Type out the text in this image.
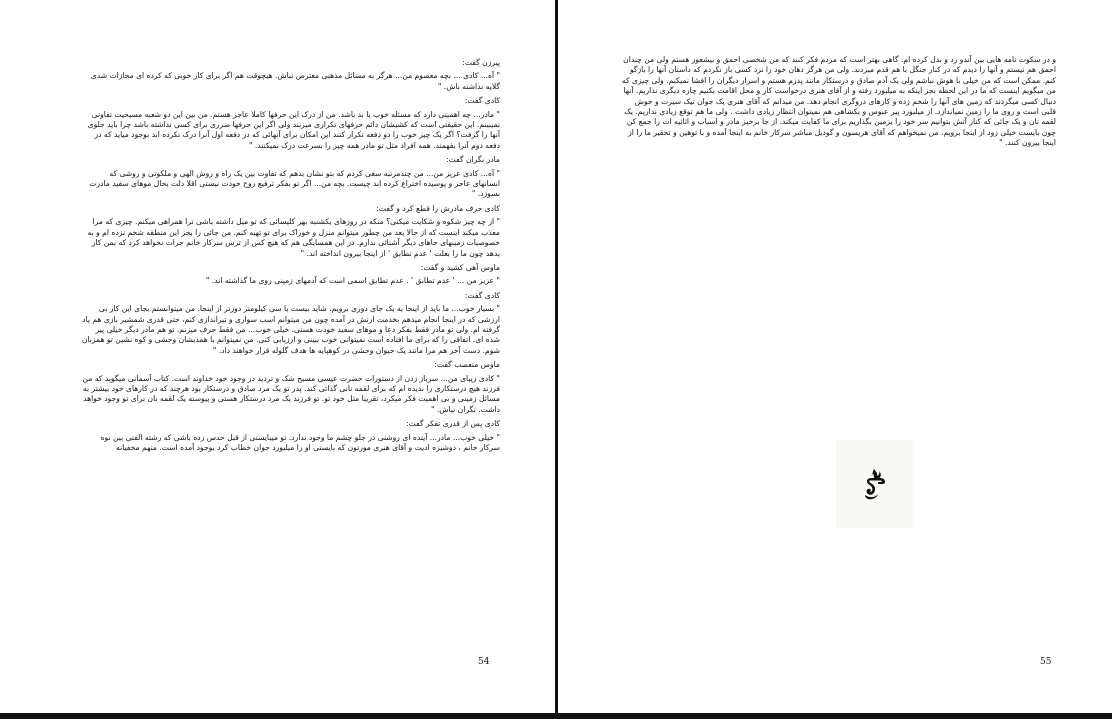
پیرزن گفت:

" آه... کادی ... بچه معصوم من... هرگز به مسائل مذهبی معترض نباش. هیچوقت هم اگر برای کار خوبی که کرده ای مجازات شدی گلایه نداشته باش. "

کادی گفت:

" مادر... چه اهمیتی دارد که مسئله خوب یا بد باشد. من از درک این حرفها کاملا عاجز هستم. من بین این دو شعبه مسیحیت تفاوتی نمیبینم. این حقیقتی است که کشیشان دائم حرفهای تکراری میزنند ولی اگر این حرفها ضرری برای کسی نداشته باشد چرا باید جلوی آنها را گرفت؟ اگر یک چیز خوب را دو دفعه تکرار کنند این امکان برای آنهائی که در دفعه اول آنرا درک نکرده اند بوجود میاید که در دفعه دوم آنرا بفهمند. همه افراد مثل تو مادر همه چیز را بسرعت درک نمیکنند. "

مادر نگران گفت:

" آه... کادی عزیز من... من چندمرتبه سعی کردم که بتو نشان بدهم که تفاوت بین یک راه و روش الهی و ملکوتی و روشی که انسانهای عاجز و پوسیده اختراع کرده اند چیست. بچه من... اگر تو بفکر ترفیع روح خودت نیستی اقلا دلت بحال موهای سفید مادرت بسوزد. "

کادی حرف مادرش را قطع کرد و گفت:

" از چه چیز شکوه و شکایت میکنی؟ منکه در روزهای یکشنبه بهر کلیسائی که تو میل داشته باشی ترا همراهی میکنم. چیزی که مرا معذب میکند اینست که از حالا بعد من چطور میتوانم منزل و خوراک برای تو تهیه کنم. من جائی را بجز این منطقه شخم نزده ام و به خصوصیات زمینهای جاهای دیگر آشنائی ندارم. در این همسایگی هم که هیچ کس از ترس سرکار خانم جرات نخواهد کرد که بمن کار بدهد چون ما را بعلت ' عدم تطابق ' از اینجا بیرون انداخته اند. "

ماوس آهی کشید و گفت:

" عزیز من ... ' عدم تطابق ' . عدم تطابق اسمی است که آدمهای زمینی روی ما گذاشته اند. "

کادی گفت:

" بسیار خوب... ما باید از اینجا به یک جای دوری برویم. شاید بیست یا سی کیلومتر دورتر از اینجا. من میتوانستم بجای این کار بی ارزشی که در اینجا انجام میدهم بخدمت ارتش در آمده چون من میتوانم اسب سواری و تیراندازی کنم، حتی قدری شمشیر بازی هم یاد گرفته ام. ولی تو مادر فقط بفکر دعا و موهای سفید خودت هستی. خیلی خوب... من فقط حرف میزنم. تو هم مادر دیگر خیلی پیر شده ای. اتفاقی را که برای ما افتاده است نمیتوانی خوب ببینی و ارزیابی کنی. من نمیتوانم با همدیشان وحشی و کوه نشین تو همزبان شوم. دست آخر هم مرا مانند یک حیوان وحشی در کوهپایه ها هدف گلوله قرار خواهند داد. "

ماوس متعصب گفت:

" کادی زیبای من... سرباز زدن از دستورات حضرت عیسی مسیح شک و تردید در وجود خود خداوند است. کتاب آسمانی میگوید که من فرزند هیچ درستکاری را ندیده ام که برای لقمه نانی گدائی کند. پدر تو یک مرد صادق و درستکار بود هرچند که در کارهای خود بیشتر به مسائل زمینی و بی اهمیت فکر میکرد، تقریبا مثل خود تو. تو فرزند یک مرد درستکار هستی و پیوسته یک لقمه نان برای تو وجود خواهد داشت. نگران نباش. "

کادی پس از قدری تفکر گفت:

" خیلی خوب... مادر... آینده ای روشنی در جلو چشم ما وجود ندارد. تو میبایستی از قبل حدس زده باشی که رشته الفتی بین نوه سرکار خانم ، دوشیزه ادیت و آقای هنری مورتون که بایستی او را میلبورد جوان خطاب کرد بوجود آمده است. منهم مخفیانه

54

و در سکوت نامه هایی بین آندو رد و بدل کرده ام. گاهی بهتر است که مردم فکر کنند که من شخصی احمق و بیشعور هستم ولی من چندان احمق هم نیستم و آنها را دیدم که در کنار جنگل با هم قدم میزدند. ولی من هرگز دهان خود را نزد کسی باز نکردم که داستان آنها را بازگو کنم. ممکن است که من خیلی با هوش نباشم ولی یک آدم صادق و درستکار مانند پدرم هستم و اسرار دیگران را افشا نمیکنم. ولی چیزی که من میگویم اینست که ما در این لحظه بجز اینکه به میلبورد رفته و از آقای هنری درخواست کار و محل اقامت بکنیم چاره دیگری نداریم. آنها دنبال کسی میگردند که زمین های آنها را شخم زده و کارهای دروگری انجام دهد. من میدانم که آقای هنری یک جوان نیک سیرت و خوش قلبی است و روی ما را زمین نمیاندازد. از میلبورد پیر عبوس و بکشاهی هم نمیتوان انتظار زیادی داشت . ولی ما هم توقع زیادی نداریم. یک لقمه نان و یک جائی که کنار آتش بتوانیم سر خود را بزمین بگذاریم برای ما کفایت میکند. از جا برخیز مادر و اسباب و اثاثیه ات را جمع کن چون بایست خیلی زود از اینجا برویم. من نمیخواهم که آقای هریسون و گودیل مباشر سرکار خانم به اینجا آمده و با توهین و تحقیر ما را از اینجا بیرون کنند. "

55
